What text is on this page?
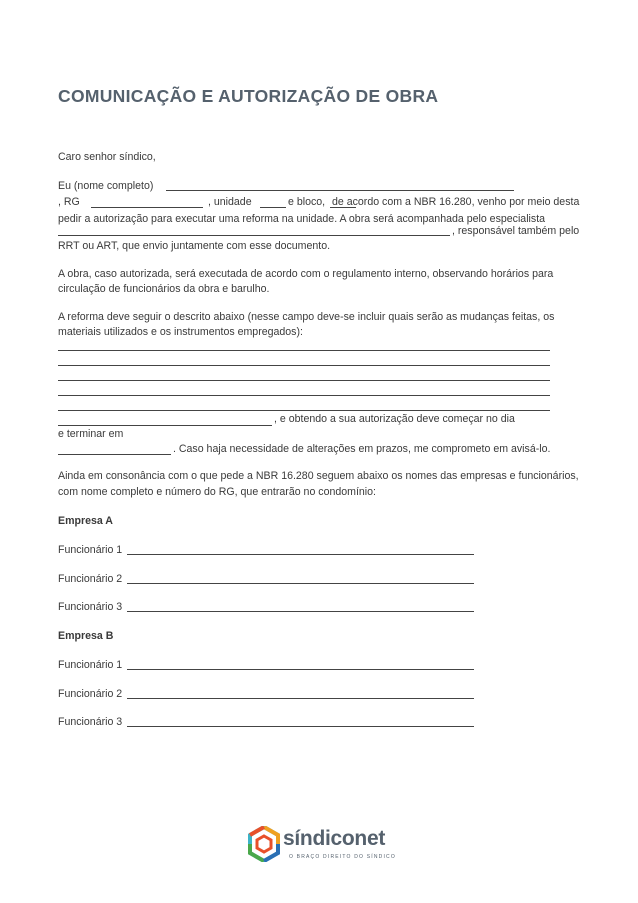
COMUNICAÇÃO E AUTORIZAÇÃO DE OBRA
Caro senhor síndico,
Eu (nome completo)
, RG	, unidade	e bloco, de acordo com a NBR 16.280, venho por meio desta
pedir a autorização para executar uma reforma na unidade. A obra será acompanhada pelo especialista
, responsável também pelo
RRT ou ART, que envio juntamente com esse documento.
A obra, caso autorizada, será executada de acordo com o regulamento interno, observando horários para
circulação de funcionários da obra e barulho.
A reforma deve seguir o descrito abaixo (nesse campo deve-se incluir quais serão as mudanças feitas, os
materiais utilizados e os instrumentos empregados):
, e obtendo a sua autorização deve começar no dia
e terminar em
. Caso haja necessidade de alterações em prazos, me comprometo em avisá-lo.
Ainda em consonância com o que pede a NBR 16.280 seguem abaixo os nomes das empresas e funcionários,
com nome completo e número do RG, que entrarão no condomínio:
Empresa A
Funcionário 1
Funcionário 2
Funcionário 3
Empresa B
Funcionário 1
Funcionário 2
Funcionário 3
síndiconet
O BRAÇO DIREITO DO SÍNDICO
